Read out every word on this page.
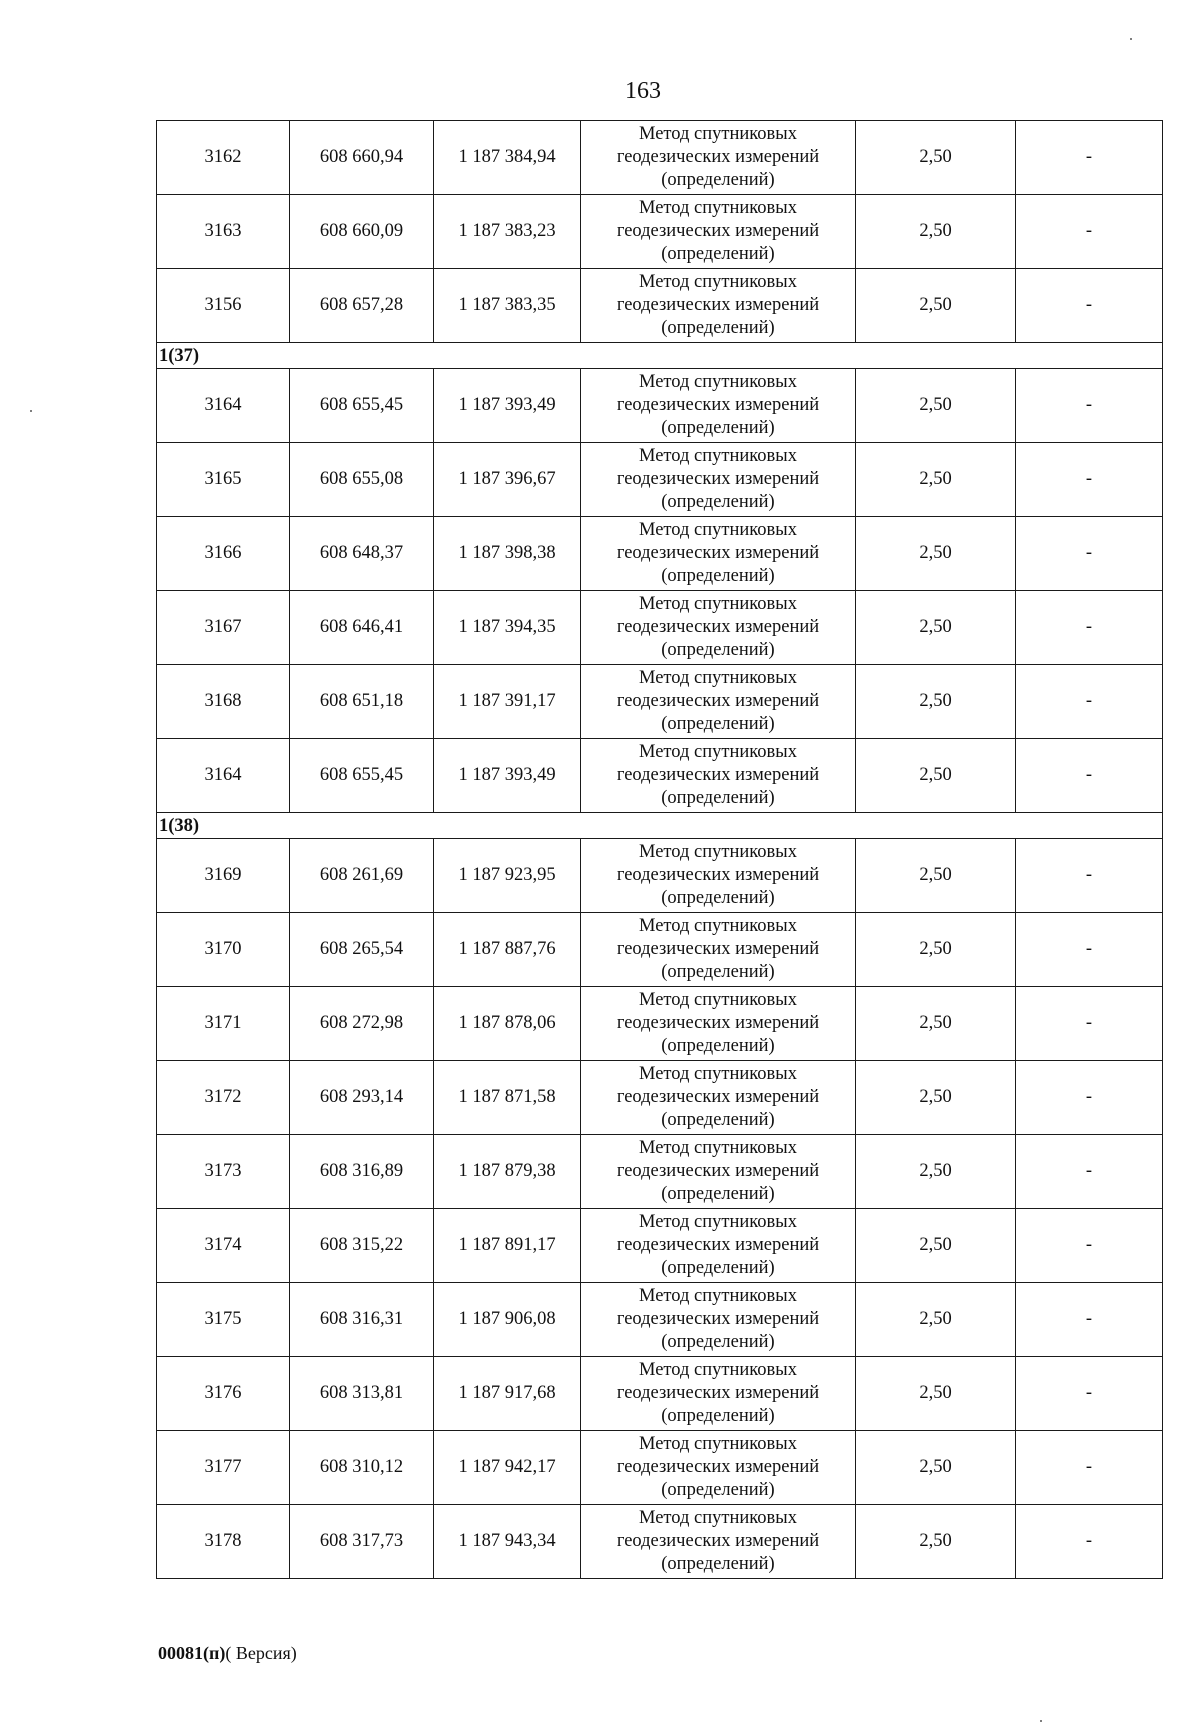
163
3162	608 660,94	1 187 384,94	Метод спутниковых
геодезических измерений
(определений)	2,50	-
3163	608 660,09	1 187 383,23	Метод спутниковых
геодезических измерений
(определений)	2,50	-
3156	608 657,28	1 187 383,35	Метод спутниковых
геодезических измерений
(определений)	2,50	-
1(37)					
3164	608 655,45	1 187 393,49	Метод спутниковых
геодезических измерений
(определений)	2,50	-
3165	608 655,08	1 187 396,67	Метод спутниковых
геодезических измерений
(определений)	2,50	-
3166	608 648,37	1 187 398,38	Метод спутниковых
геодезических измерений
(определений)	2,50	-
3167	608 646,41	1 187 394,35	Метод спутниковых
геодезических измерений
(определений)	2,50	-
3168	608 651,18	1 187 391,17	Метод спутниковых
геодезических измерений
(определений)	2,50	-
3164	608 655,45	1 187 393,49	Метод спутниковых
геодезических измерений
(определений)	2,50	-
1(38)					
3169	608 261,69	1 187 923,95	Метод спутниковых
геодезических измерений
(определений)	2,50	-
3170	608 265,54	1 187 887,76	Метод спутниковых
геодезических измерений
(определений)	2,50	-
3171	608 272,98	1 187 878,06	Метод спутниковых
геодезических измерений
(определений)	2,50	-
3172	608 293,14	1 187 871,58	Метод спутниковых
геодезических измерений
(определений)	2,50	-
3173	608 316,89	1 187 879,38	Метод спутниковых
геодезических измерений
(определений)	2,50	-
3174	608 315,22	1 187 891,17	Метод спутниковых
геодезических измерений
(определений)	2,50	-
3175	608 316,31	1 187 906,08	Метод спутниковых
геодезических измерений
(определений)	2,50	-
3176	608 313,81	1 187 917,68	Метод спутниковых
геодезических измерений
(определений)	2,50	-
3177	608 310,12	1 187 942,17	Метод спутниковых
геодезических измерений
(определений)	2,50	-
3178	608 317,73	1 187 943,34	Метод спутниковых
геодезических измерений
(определений)	2,50	-
00081(п)( Версия)
